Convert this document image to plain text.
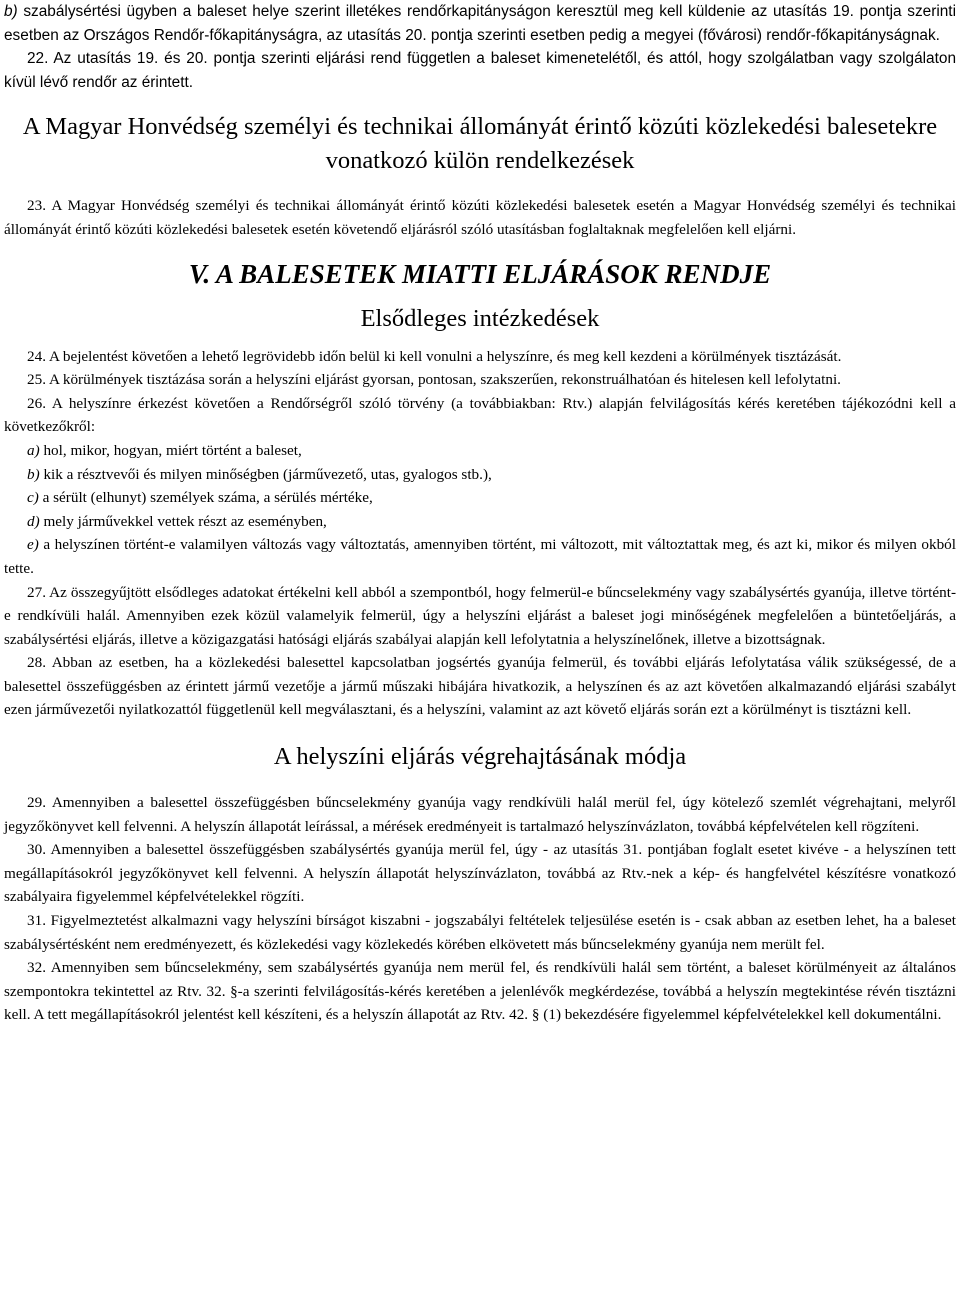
b) szabálysértési ügyben a baleset helye szerint illetékes rendőrkapitányságon keresztül meg kell küldenie az utasítás 19. pontja szerinti esetben az Országos Rendőr-főkapitányságra, az utasítás 20. pontja szerinti esetben pedig a megyei (fővárosi) rendőr-főkapitányságnak.

22. Az utasítás 19. és 20. pontja szerinti eljárási rend független a baleset kimenetelétől, és attól, hogy szolgálatban vagy szolgálaton kívül lévő rendőr az érintett.

A Magyar Honvédség személyi és technikai állományát érintő közúti közlekedési balesetekre vonatkozó külön rendelkezések

23. A Magyar Honvédség személyi és technikai állományát érintő közúti közlekedési balesetek esetén a Magyar Honvédség személyi és technikai állományát érintő közúti közlekedési balesetek esetén követendő eljárásról szóló utasításban foglaltaknak megfelelően kell eljárni.

V. A BALESETEK MIATTI ELJÁRÁSOK RENDJE
Elsődleges intézkedések

24. A bejelentést követően a lehető legrövidebb időn belül ki kell vonulni a helyszínre, és meg kell kezdeni a körülmények tisztázását.

25. A körülmények tisztázása során a helyszíni eljárást gyorsan, pontosan, szakszerűen, rekonstruálhatóan és hitelesen kell lefolytatni.

26. A helyszínre érkezést követően a Rendőrségről szóló törvény (a továbbiakban: Rtv.) alapján felvilágosítás kérés keretében tájékozódni kell a következőkről:

a) hol, mikor, hogyan, miért történt a baleset,

b) kik a résztvevői és milyen minőségben (járművezető, utas, gyalogos stb.),

c) a sérült (elhunyt) személyek száma, a sérülés mértéke,

d) mely járművekkel vettek részt az eseményben,

e) a helyszínen történt-e valamilyen változás vagy változtatás, amennyiben történt, mi változott, mit változtattak meg, és azt ki, mikor és milyen okból tette.

27. Az összegyűjtött elsődleges adatokat értékelni kell abból a szempontból, hogy felmerül-e bűncselekmény vagy szabálysértés gyanúja, illetve történt-e rendkívüli halál. Amennyiben ezek közül valamelyik felmerül, úgy a helyszíni eljárást a baleset jogi minőségének megfelelően a büntetőeljárás, a szabálysértési eljárás, illetve a közigazgatási hatósági eljárás szabályai alapján kell lefolytatnia a helyszínelőnek, illetve a bizottságnak.

28. Abban az esetben, ha a közlekedési balesettel kapcsolatban jogsértés gyanúja felmerül, és további eljárás lefolytatása válik szükségessé, de a balesettel összefüggésben az érintett jármű vezetője a jármű műszaki hibájára hivatkozik, a helyszínen és az azt követően alkalmazandó eljárási szabályt ezen járművezetői nyilatkozattól függetlenül kell megválasztani, és a helyszíni, valamint az azt követő eljárás során ezt a körülményt is tisztázni kell.

A helyszíni eljárás végrehajtásának módja

29. Amennyiben a balesettel összefüggésben bűncselekmény gyanúja vagy rendkívüli halál merül fel, úgy kötelező szemlét végrehajtani, melyről jegyzőkönyvet kell felvenni. A helyszín állapotát leírással, a mérések eredményeit is tartalmazó helyszínvázlaton, továbbá képfelvételen kell rögzíteni.

30. Amennyiben a balesettel összefüggésben szabálysértés gyanúja merül fel, úgy - az utasítás 31. pontjában foglalt esetet kivéve - a helyszínen tett megállapításokról jegyzőkönyvet kell felvenni. A helyszín állapotát helyszínvázlaton, továbbá az Rtv.-nek a kép- és hangfelvétel készítésre vonatkozó szabályaira figyelemmel képfelvételekkel rögzíti.

31. Figyelmeztetést alkalmazni vagy helyszíni bírságot kiszabni - jogszabályi feltételek teljesülése esetén is - csak abban az esetben lehet, ha a baleset szabálysértésként nem eredményezett, és közlekedési vagy közlekedés körében elkövetett más bűncselekmény gyanúja nem merült fel.

32. Amennyiben sem bűncselekmény, sem szabálysértés gyanúja nem merül fel, és rendkívüli halál sem történt, a baleset körülményeit az általános szempontokra tekintettel az Rtv. 32. §-a szerinti felvilágosítás-kérés keretében a jelenlévők megkérdezése, továbbá a helyszín megtekintése révén tisztázni kell. A tett megállapításokról jelentést kell készíteni, és a helyszín állapotát az Rtv. 42. § (1) bekezdésére figyelemmel képfelvételekkel kell dokumentálni.
